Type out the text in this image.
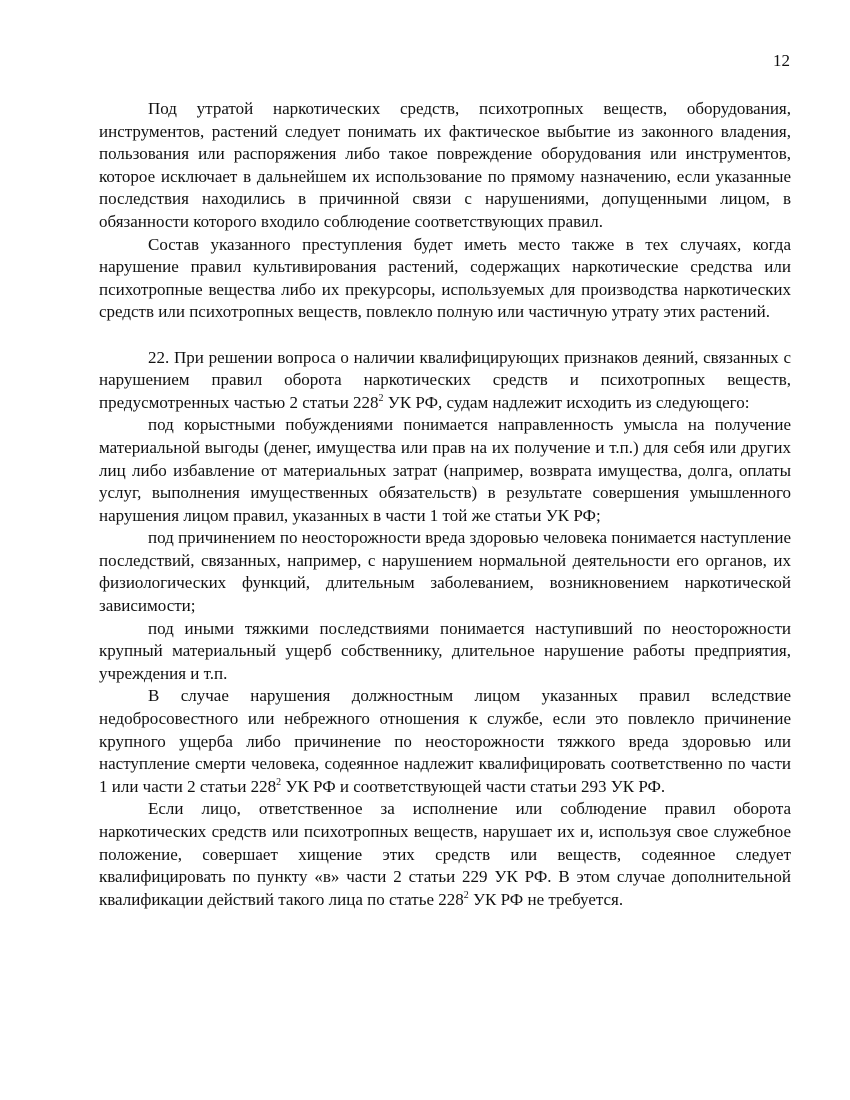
12

Под утратой наркотических средств, психотропных веществ, оборудования, инструментов, растений следует понимать их фактическое выбытие из законного владения, пользования или распоряжения либо такое повреждение оборудования или инструментов, которое исключает в дальнейшем их использование по прямому назначению, если указанные последствия находились в причинной связи с нарушениями, допущенными лицом, в обязанности которого входило соблюдение соответствующих правил.

Состав указанного преступления будет иметь место также в тех случаях, когда нарушение правил культивирования растений, содержащих наркотические средства или психотропные вещества либо их прекурсоры, используемых для производства наркотических средств или психотропных веществ, повлекло полную или частичную утрату этих растений.

22. При решении вопроса о наличии квалифицирующих признаков деяний, связанных с нарушением правил оборота наркотических средств и психотропных веществ, предусмотренных частью 2 статьи $228^2$ УК РФ, судам надлежит исходить из следующего:

под корыстными побуждениями понимается направленность умысла на получение материальной выгоды (денег, имущества или прав на их получение и т.п.) для себя или других лиц либо избавление от материальных затрат (например, возврата имущества, долга, оплаты услуг, выполнения имущественных обязательств) в результате совершения умышленного нарушения лицом правил, указанных в части 1 той же статьи УК РФ;

под причинением по неосторожности вреда здоровью человека понимается наступление последствий, связанных, например, с нарушением нормальной деятельности его органов, их физиологических функций, длительным заболеванием, возникновением наркотической зависимости;

под иными тяжкими последствиями понимается наступивший по неосторожности крупный материальный ущерб собственнику, длительное нарушение работы предприятия, учреждения и т.п.

В случае нарушения должностным лицом указанных правил вследствие недобросовестного или небрежного отношения к службе, если это повлекло причинение крупного ущерба либо причинение по неосторожности тяжкого вреда здоровью или наступление смерти человека, содеянное надлежит квалифицировать соответственно по части 1 или части 2 статьи $228^2$ УК РФ и соответствующей части статьи 293 УК РФ.

Если лицо, ответственное за исполнение или соблюдение правил оборота наркотических средств или психотропных веществ, нарушает их и, используя свое служебное положение, совершает хищение этих средств или веществ, содеянное следует квалифицировать по пункту «в» части 2 статьи 229 УК РФ. В этом случае дополнительной квалификации действий такого лица по статье $228^2$ УК РФ не требуется.
